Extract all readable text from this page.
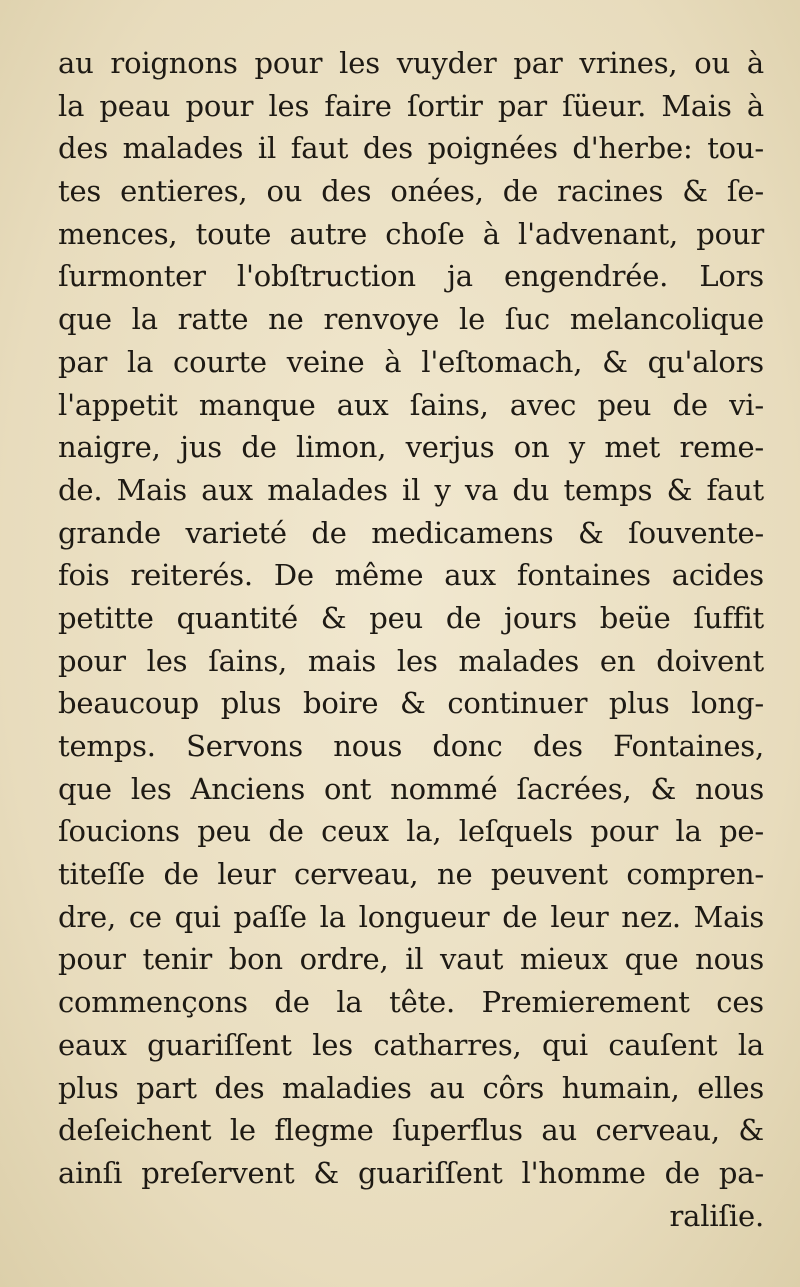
au roignons pour les vuyder par vrines, ou à
la peau pour les faire ſortir par ſüeur. Mais à
des malades il faut des poignées d'herbe: tou-
tes entieres, ou des onées, de racines & ſe-
mences, toute autre choſe à l'advenant, pour
ſurmonter l'obſtruction ja engendrée. Lors
que la ratte ne renvoye le ſuc melancolique
par la courte veine à l'eſtomach, & qu'alors
l'appetit manque aux ſains, avec peu de vi-
naigre, jus de limon, verjus on y met reme-
de. Mais aux malades il y va du temps & faut
grande varieté de medicamens & ſouvente-
fois reiterés. De même aux fontaines acides
petitte quantité & peu de jours beüe ſuffit
pour les ſains, mais les malades en doivent
beaucoup plus boire & continuer plus long-
temps. Servons nous donc des Fontaines,
que les Anciens ont nommé ſacrées, & nous
ſoucions peu de ceux la, leſquels pour la pe-
titeſſe de leur cerveau, ne peuvent compren-
dre, ce qui paſſe la longueur de leur nez. Mais
pour tenir bon ordre, il vaut mieux que nous
commençons de la tête. Premierement ces
eaux guariſſent les catharres, qui cauſent la
plus part des maladies au côrs humain, elles
deſeichent le flegme ſuperflus au cerveau, &
ainſi preſervent & guariſſent l'homme de pa-
raliſie.
